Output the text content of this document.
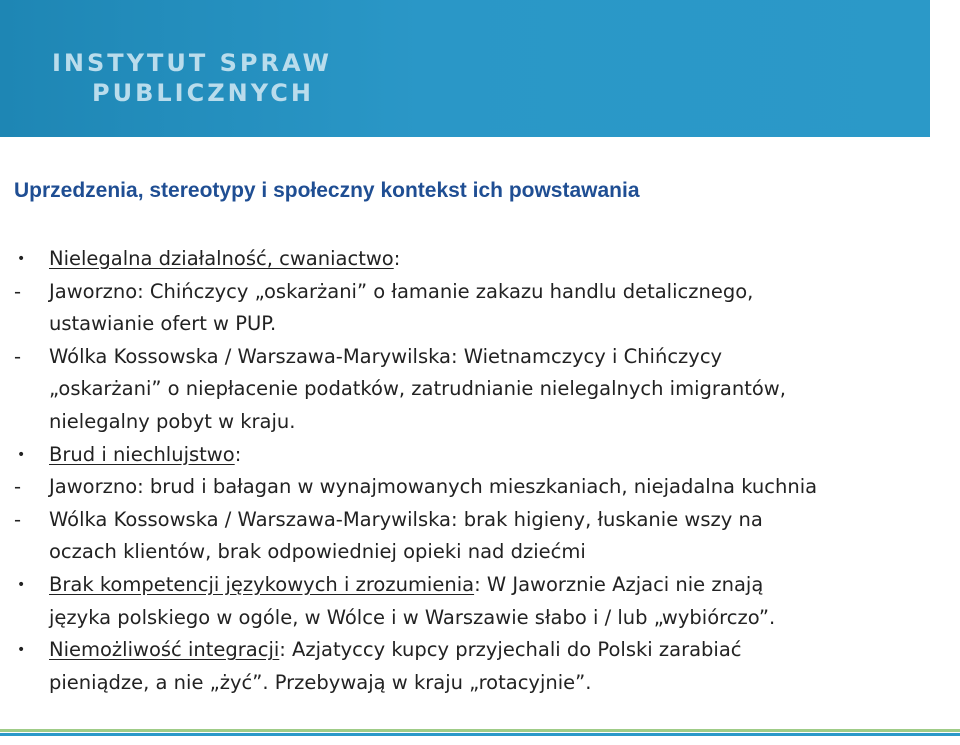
INSTYTUT SPRAW
PUBLICZNYCH
Uprzedzenia, stereotypy i społeczny kontekst ich powstawania
•	Nielegalna działalność, cwaniactwo:
-	Jaworzno: Chińczycy „oskarżani” o łamanie zakazu handlu detalicznego,
ustawianie ofert w PUP.
-	Wólka Kossowska / Warszawa-Marywilska: Wietnamczycy i Chińczycy
„oskarżani” o niepłacenie podatków, zatrudnianie nielegalnych imigrantów,
nielegalny pobyt w kraju.
•	Brud i niechlujstwo:
-	Jaworzno: brud i bałagan w wynajmowanych mieszkaniach, niejadalna kuchnia
-	Wólka Kossowska / Warszawa-Marywilska: brak higieny, łuskanie wszy na
oczach klientów, brak odpowiedniej opieki nad dziećmi
•	Brak kompetencji językowych i zrozumienia: W Jaworznie Azjaci nie znają
języka polskiego w ogóle, w Wólce i w Warszawie słabo i / lub „wybiórczo”.
•	Niemożliwość integracji: Azjatyccy kupcy przyjechali do Polski zarabiać
pieniądze, a nie „żyć”. Przebywają w kraju „rotacyjnie”.
